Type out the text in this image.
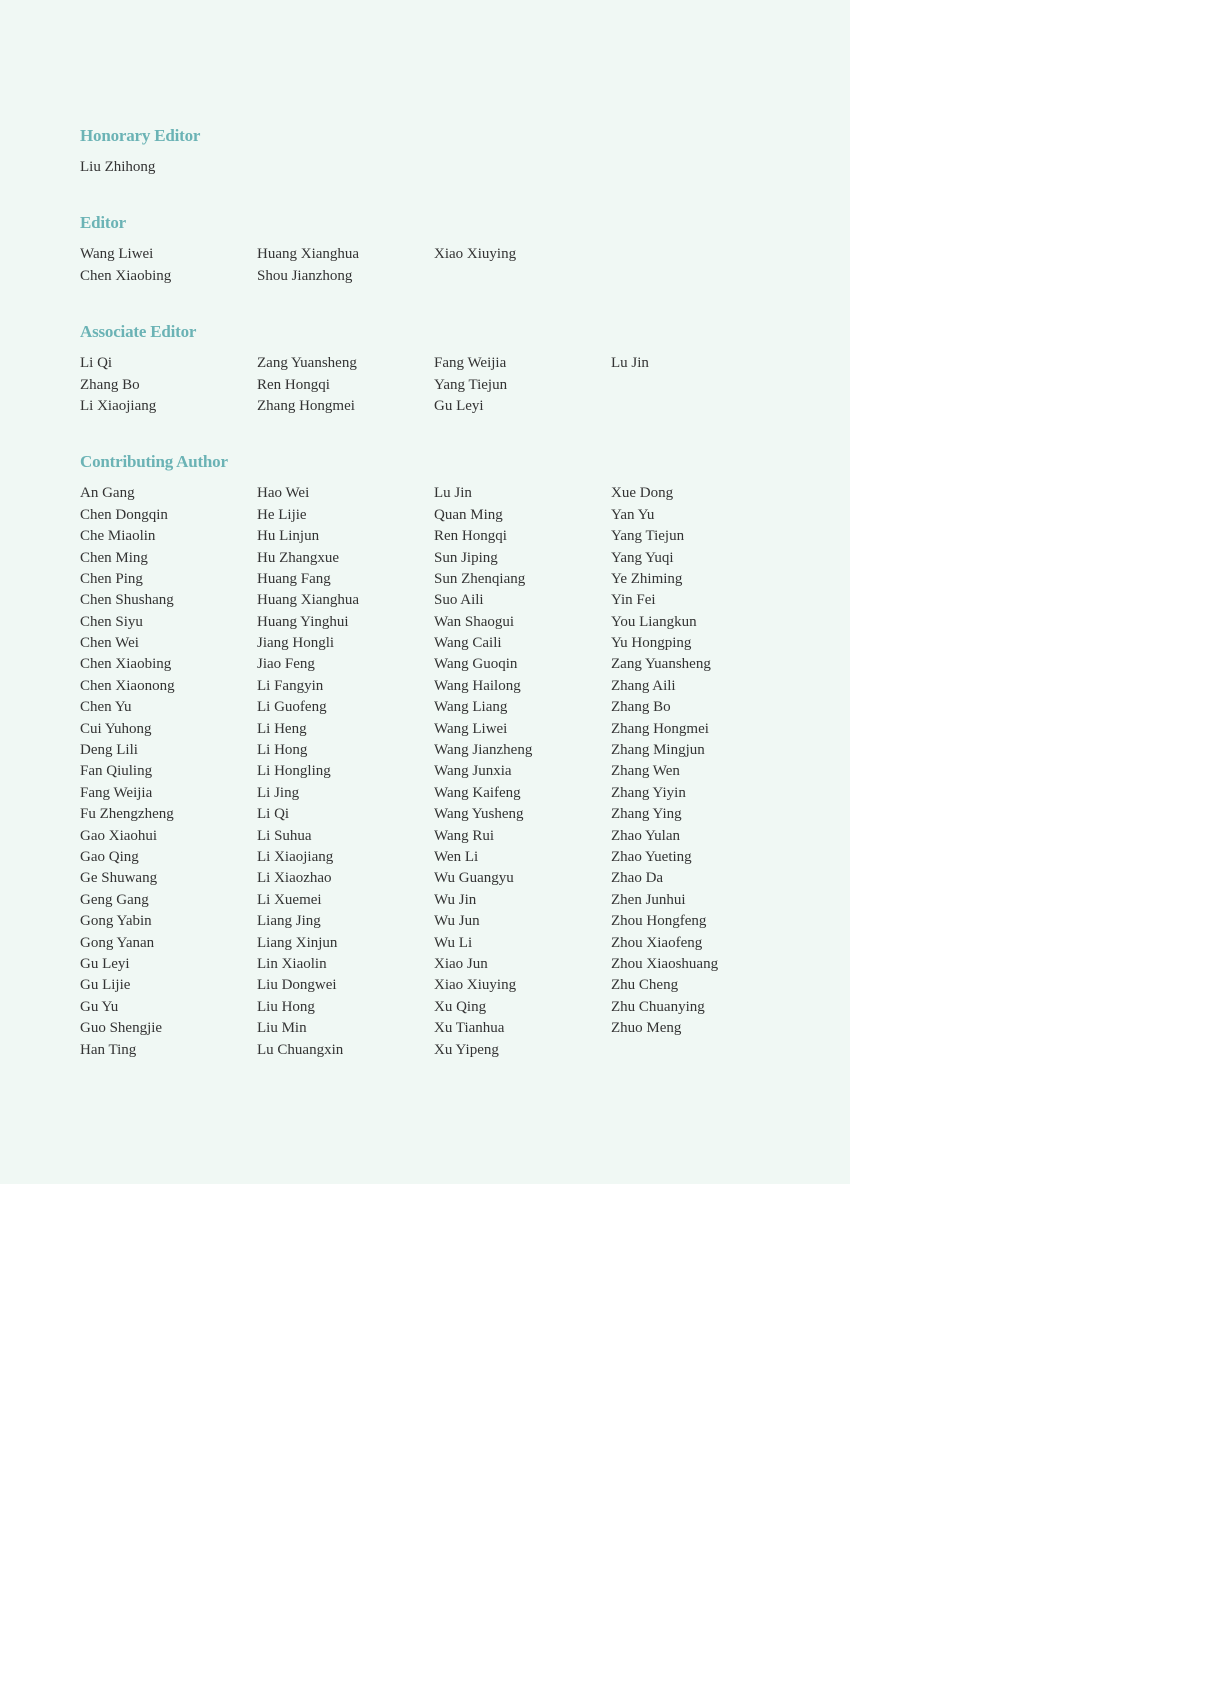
Honorary Editor
Liu Zhihong
Editor
Wang Liwei	Huang Xianghua	Xiao Xiuying
Chen Xiaobing	Shou Jianzhong
Associate Editor
Li Qi	Zang Yuansheng	Fang Weijia	Lu Jin
Zhang Bo	Ren Hongqi	Yang Tiejun
Li Xiaojiang	Zhang Hongmei	Gu Leyi
Contributing Author
An Gang	Hao Wei	Lu Jin	Xue Dong
Chen Dongqin	He Lijie	Quan Ming	Yan Yu
Che Miaolin	Hu Linjun	Ren Hongqi	Yang Tiejun
Chen Ming	Hu Zhangxue	Sun Jiping	Yang Yuqi
Chen Ping	Huang Fang	Sun Zhenqiang	Ye Zhiming
Chen Shushang	Huang Xianghua	Suo Aili	Yin Fei
Chen Siyu	Huang Yinghui	Wan Shaogui	You Liangkun
Chen Wei	Jiang Hongli	Wang Caili	Yu Hongping
Chen Xiaobing	Jiao Feng	Wang Guoqin	Zang Yuansheng
Chen Xiaonong	Li Fangyin	Wang Hailong	Zhang Aili
Chen Yu	Li Guofeng	Wang Liang	Zhang Bo
Cui Yuhong	Li Heng	Wang Liwei	Zhang Hongmei
Deng Lili	Li Hong	Wang Jianzheng	Zhang Mingjun
Fan Qiuling	Li Hongling	Wang Junxia	Zhang Wen
Fang Weijia	Li Jing	Wang Kaifeng	Zhang Yiyin
Fu Zhengzheng	Li Qi	Wang Yusheng	Zhang Ying
Gao Xiaohui	Li Suhua	Wang Rui	Zhao Yulan
Gao Qing	Li Xiaojiang	Wen Li	Zhao Yueting
Ge Shuwang	Li Xiaozhao	Wu Guangyu	Zhao Da
Geng Gang	Li Xuemei	Wu Jin	Zhen Junhui
Gong Yabin	Liang Jing	Wu Jun	Zhou Hongfeng
Gong Yanan	Liang Xinjun	Wu Li	Zhou Xiaofeng
Gu Leyi	Lin Xiaolin	Xiao Jun	Zhou Xiaoshuang
Gu Lijie	Liu Dongwei	Xiao Xiuying	Zhu Cheng
Gu Yu	Liu Hong	Xu Qing	Zhu Chuanying
Guo Shengjie	Liu Min	Xu Tianhua	Zhuo Meng
Han Ting	Lu Chuangxin	Xu Yipeng
